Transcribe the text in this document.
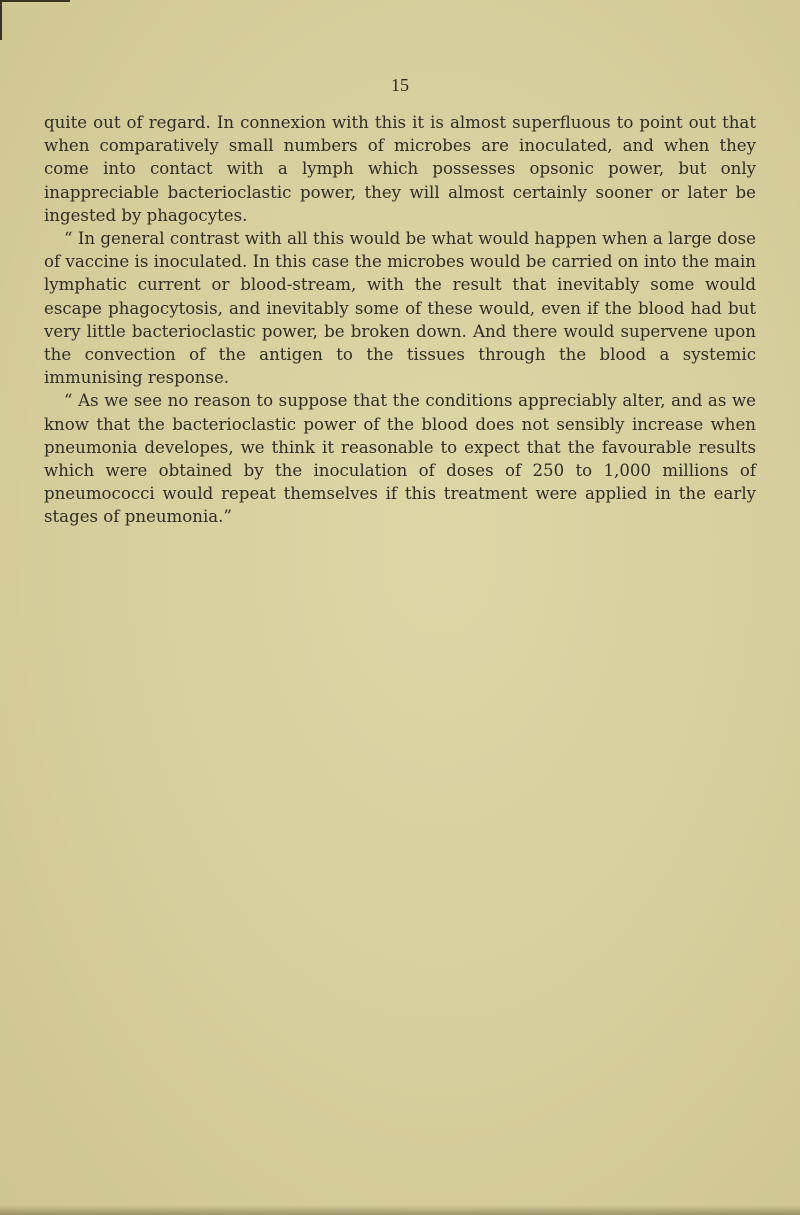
15

quite out of regard. In connexion with this it is almost superfluous to point out that when comparatively small numbers of microbes are inoculated, and when they come into contact with a lymph which possesses opsonic power, but only inappreciable bacterioclastic power, they will almost certainly sooner or later be ingested by phagocytes.

“ In general contrast with all this would be what would happen when a large dose of vaccine is inoculated. In this case the microbes would be carried on into the main lymphatic current or blood-stream, with the result that inevitably some would escape phagocytosis, and inevitably some of these would, even if the blood had but very little bacterioclastic power, be broken down. And there would supervene upon the convection of the antigen to the tissues through the blood a systemic immunising response.

“ As we see no reason to suppose that the conditions appreciably alter, and as we know that the bacterioclastic power of the blood does not sensibly increase when pneumonia developes, we think it reasonable to expect that the favourable results which were obtained by the inoculation of doses of 250 to 1,000 millions of pneumococci would repeat themselves if this treatment were applied in the early stages of pneumonia.”
